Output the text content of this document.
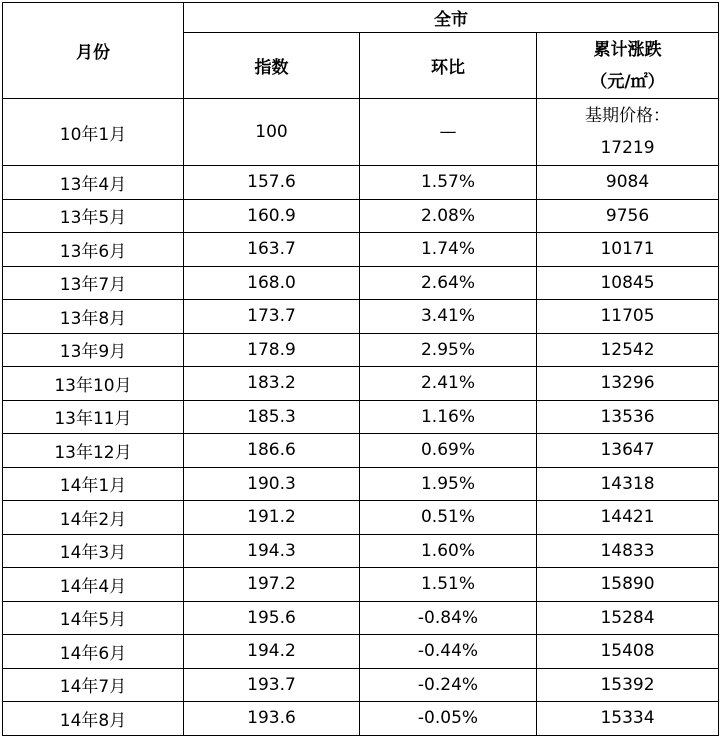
月份	全市		
	指数	环比	累计涨跌
（元/㎡）

10年1月	100	—	基期价格：
17219

13年4月	157.6	1.57%	9084
13年5月	160.9	2.08%	9756
13年6月	163.7	1.74%	10171
13年7月	168.0	2.64%	10845
13年8月	173.7	3.41%	11705
13年9月	178.9	2.95%	12542
13年10月	183.2	2.41%	13296
13年11月	185.3	1.16%	13536
13年12月	186.6	0.69%	13647
14年1月	190.3	1.95%	14318
14年2月	191.2	0.51%	14421
14年3月	194.3	1.60%	14833
14年4月	197.2	1.51%	15890
14年5月	195.6	-0.84%	15284
14年6月	194.2	-0.44%	15408
14年7月	193.7	-0.24%	15392
14年8月	193.6	-0.05%	15334
